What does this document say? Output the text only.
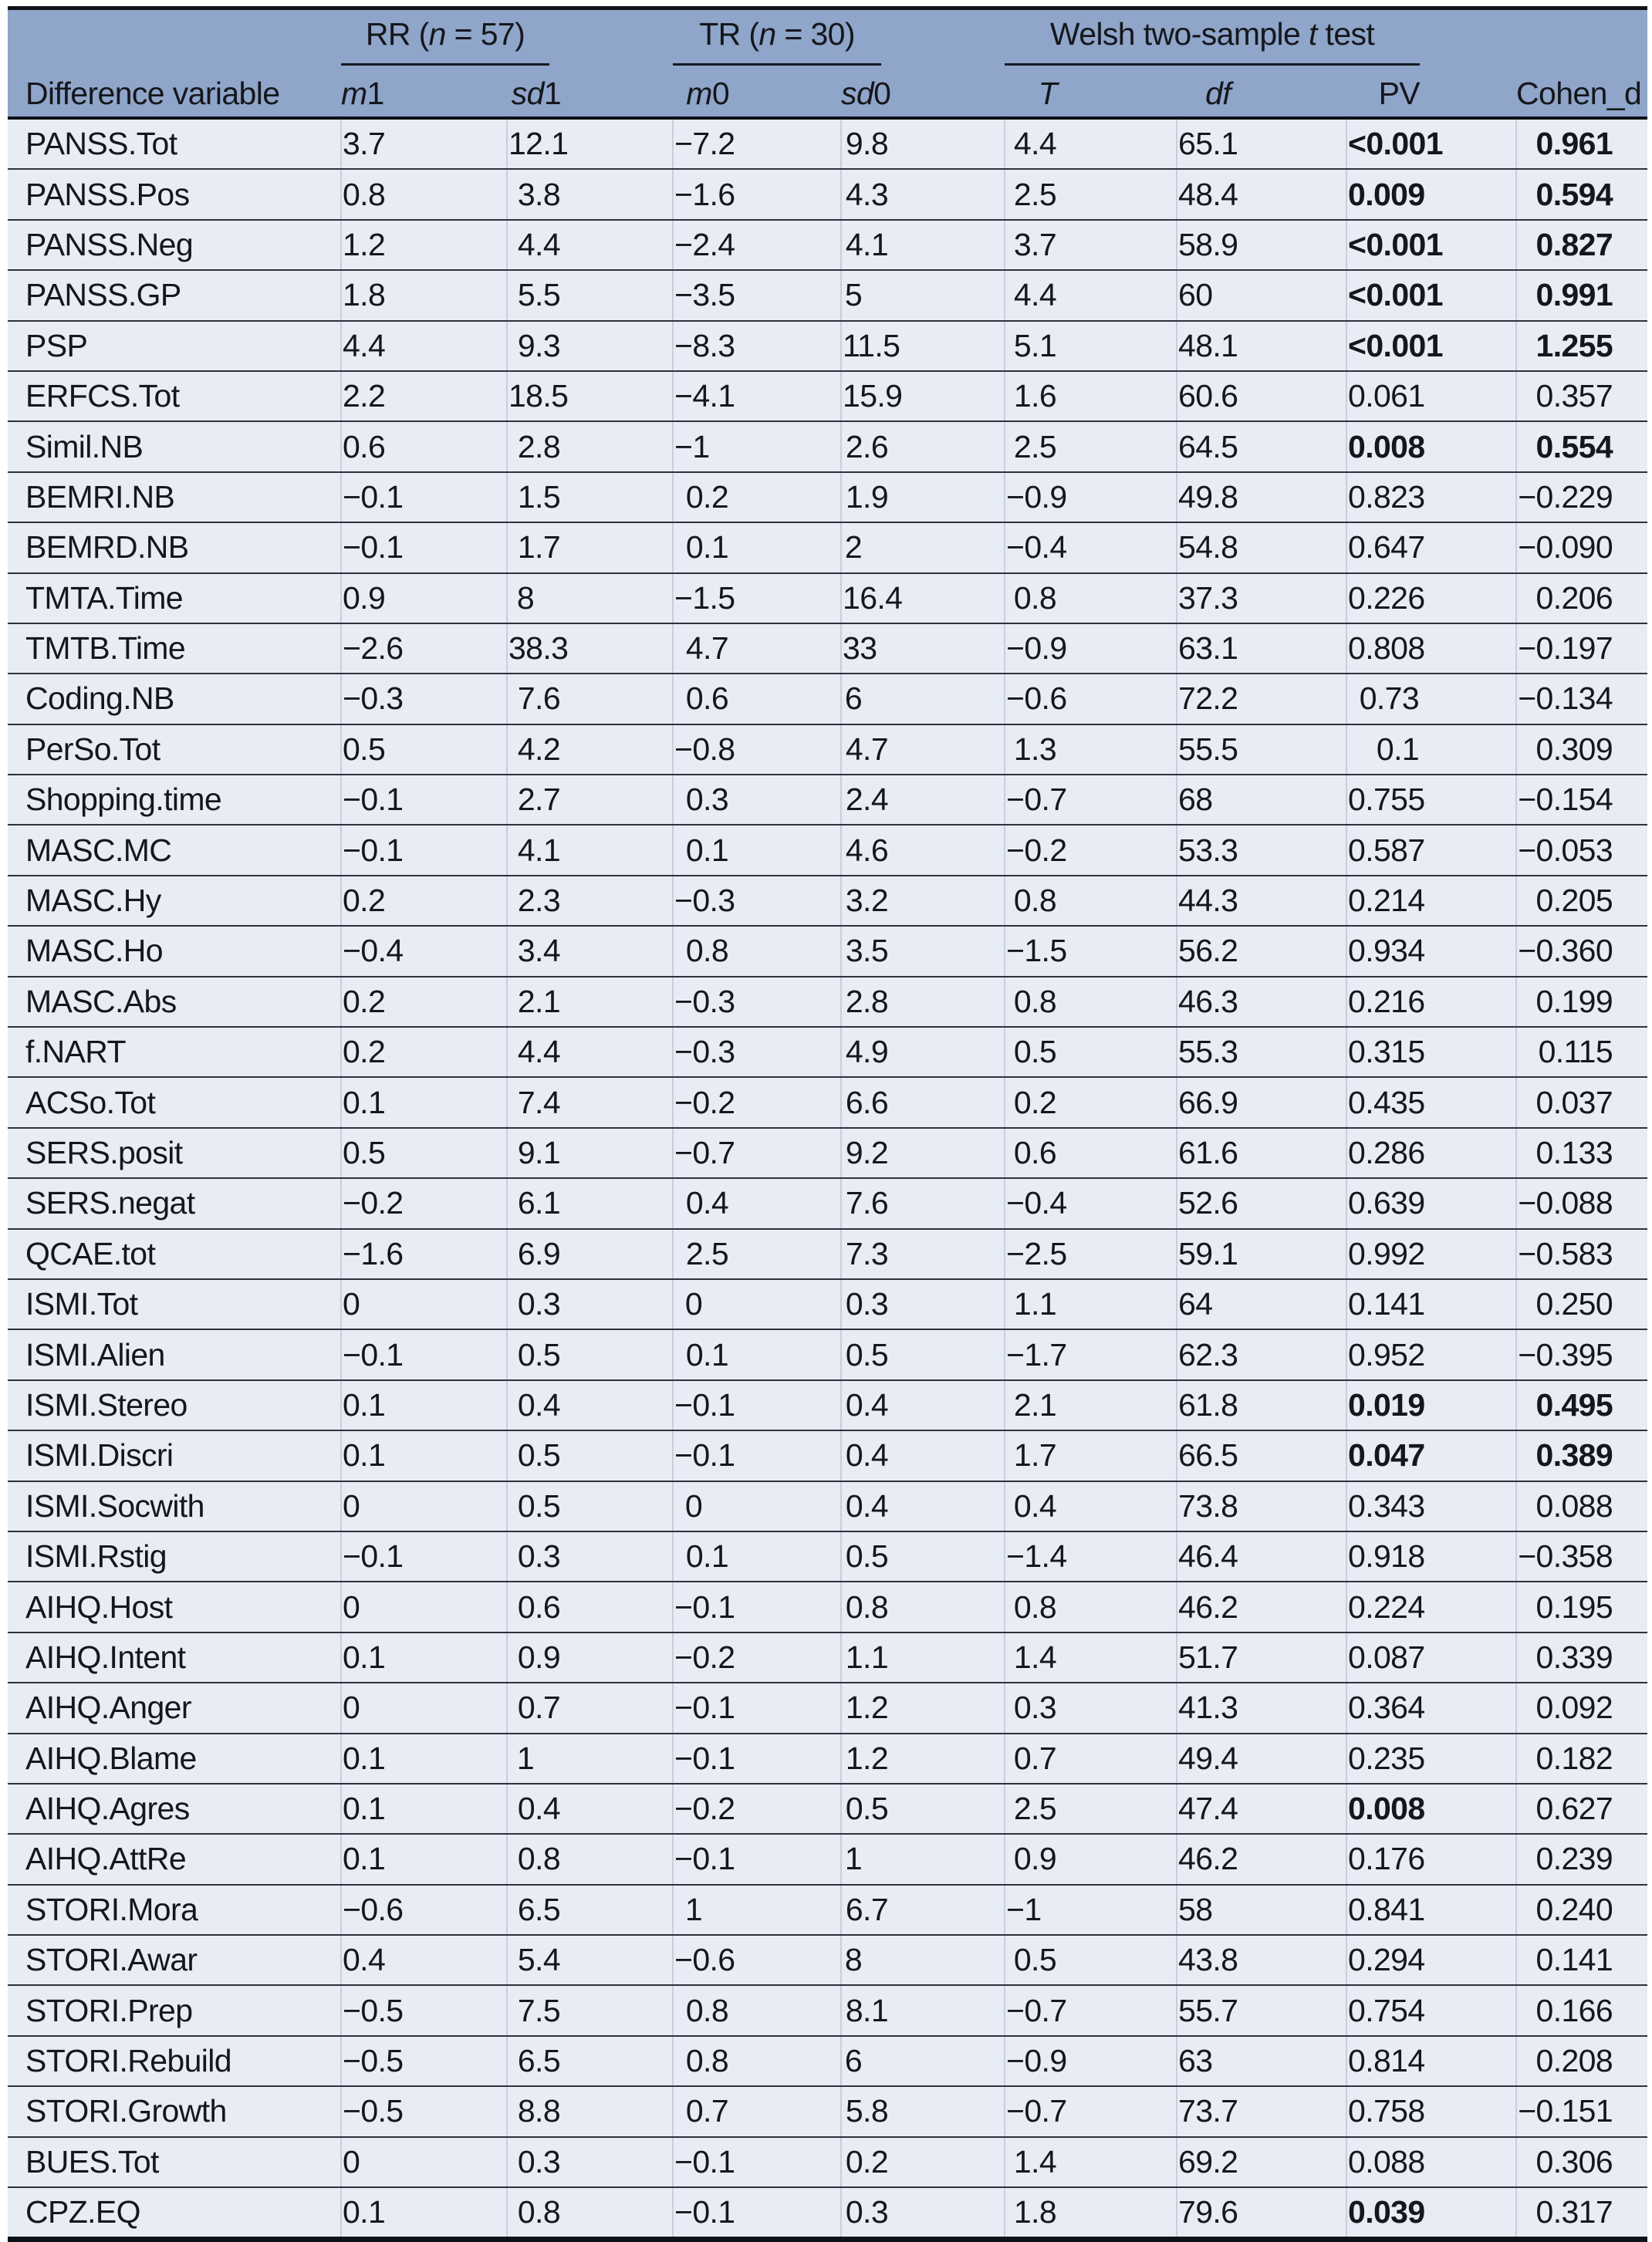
	RR (n = 57)		TR (n = 30)		Welsh two-sample t test			

Difference variable	m1	sd1	m0	sd0	T	df	PV	Cohen_d
PANSS.Tot	3.7	12.1	−7.2	9.8	4.4	65.1	<0.001	0.961
PANSS.Pos	0.8	3.8	−1.6	4.3	2.5	48.4	0.009	0.594
PANSS.Neg	1.2	4.4	−2.4	4.1	3.7	58.9	<0.001	0.827
PANSS.GP	1.8	5.5	−3.5	5	4.4	60	<0.001	0.991
PSP	4.4	9.3	−8.3	11.5	5.1	48.1	<0.001	1.255
ERFCS.Tot	2.2	18.5	−4.1	15.9	1.6	60.6	0.061	0.357
Simil.NB	0.6	2.8	−1	2.6	2.5	64.5	0.008	0.554
BEMRI.NB	−0.1	1.5	0.2	1.9	−0.9	49.8	0.823	−0.229
BEMRD.NB	−0.1	1.7	0.1	2	−0.4	54.8	0.647	−0.090
TMTA.Time	0.9	8	−1.5	16.4	0.8	37.3	0.226	0.206
TMTB.Time	−2.6	38.3	4.7	33	−0.9	63.1	0.808	−0.197
Coding.NB	−0.3	7.6	0.6	6	−0.6	72.2	0.73	−0.134
PerSo.Tot	0.5	4.2	−0.8	4.7	1.3	55.5	0.1	0.309
Shopping.time	−0.1	2.7	0.3	2.4	−0.7	68	0.755	−0.154
MASC.MC	−0.1	4.1	0.1	4.6	−0.2	53.3	0.587	−0.053
MASC.Hy	0.2	2.3	−0.3	3.2	0.8	44.3	0.214	0.205
MASC.Ho	−0.4	3.4	0.8	3.5	−1.5	56.2	0.934	−0.360
MASC.Abs	0.2	2.1	−0.3	2.8	0.8	46.3	0.216	0.199
f.NART	0.2	4.4	−0.3	4.9	0.5	55.3	0.315	0.115
ACSo.Tot	0.1	7.4	−0.2	6.6	0.2	66.9	0.435	0.037
SERS.posit	0.5	9.1	−0.7	9.2	0.6	61.6	0.286	0.133
SERS.negat	−0.2	6.1	0.4	7.6	−0.4	52.6	0.639	−0.088
QCAE.tot	−1.6	6.9	2.5	7.3	−2.5	59.1	0.992	−0.583
ISMI.Tot	0	0.3	0	0.3	1.1	64	0.141	0.250
ISMI.Alien	−0.1	0.5	0.1	0.5	−1.7	62.3	0.952	−0.395
ISMI.Stereo	0.1	0.4	−0.1	0.4	2.1	61.8	0.019	0.495
ISMI.Discri	0.1	0.5	−0.1	0.4	1.7	66.5	0.047	0.389
ISMI.Socwith	0	0.5	0	0.4	0.4	73.8	0.343	0.088
ISMI.Rstig	−0.1	0.3	0.1	0.5	−1.4	46.4	0.918	−0.358
AIHQ.Host	0	0.6	−0.1	0.8	0.8	46.2	0.224	0.195
AIHQ.Intent	0.1	0.9	−0.2	1.1	1.4	51.7	0.087	0.339
AIHQ.Anger	0	0.7	−0.1	1.2	0.3	41.3	0.364	0.092
AIHQ.Blame	0.1	1	−0.1	1.2	0.7	49.4	0.235	0.182
AIHQ.Agres	0.1	0.4	−0.2	0.5	2.5	47.4	0.008	0.627
AIHQ.AttRe	0.1	0.8	−0.1	1	0.9	46.2	0.176	0.239
STORI.Mora	−0.6	6.5	1	6.7	−1	58	0.841	0.240
STORI.Awar	0.4	5.4	−0.6	8	0.5	43.8	0.294	0.141
STORI.Prep	−0.5	7.5	0.8	8.1	−0.7	55.7	0.754	0.166
STORI.Rebuild	−0.5	6.5	0.8	6	−0.9	63	0.814	0.208
STORI.Growth	−0.5	8.8	0.7	5.8	−0.7	73.7	0.758	−0.151
BUES.Tot	0	0.3	−0.1	0.2	1.4	69.2	0.088	0.306
CPZ.EQ	0.1	0.8	−0.1	0.3	1.8	79.6	0.039	0.317
